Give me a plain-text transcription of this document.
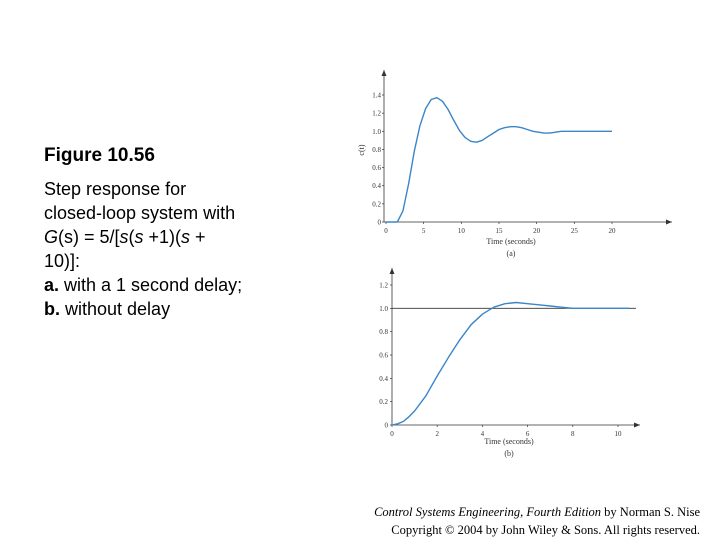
Figure 10.56

Step response for closed-loop system with G(s) = 5/[s(s +1)(s + 10)]:
a. with a 1 second delay;
b. without delay

0
0.2
0.4
0.6
0.8
1.0
1.2
1.4
0	5	10	15	20	25	20
Time (seconds)
(a)
c(t)
0
0.2
0.4
0.6
0.8
1.0
1.2
0	2	4	6	8	10
Time (seconds)
(b)
Control Systems Engineering, Fourth Edition by Norman S. Nise
Copyright © 2004 by John Wiley & Sons. All rights reserved.
